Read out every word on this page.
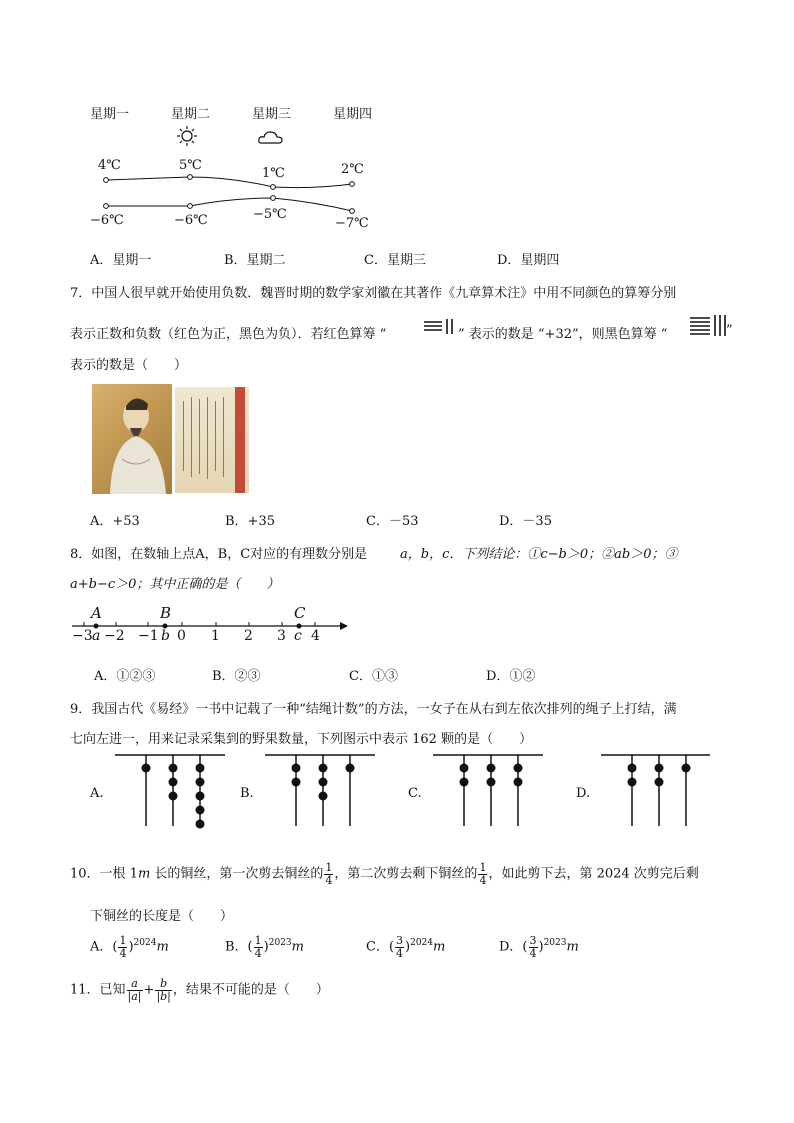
星期一	星期二	星期三	星期四
4℃	5℃
1℃	2℃
−6℃	−6℃	−5℃
−7℃
A．星期一	B．星期二	C．星期三	D．星期四
7．中国人很早就开始使用负数．魏晋时期的数学家刘徽在其著作《九章算术注》中用不同颜色的算筹分别
表示正数和负数（红色为正，黑色为负）．若红色算筹 “	” 表示的数是 “+32”，则黑色算筹 “	”
表示的数是（　　）
A．+53	B．+35	C．－53	D．－35
8．如图，在数轴上点A，B，C对应的有理数分别是	a，b，c．下列结论：①c−b＞0；②ab＞0；③
a+b−c＞0；其中正确的是（　　）
A	B	C
−3 a −2 −1 b 0 1 2 3 c 4
A．①②③	B．②③	C．①③	D．①②
9．我国古代《易经》一书中记载了一种“结绳计数”的方法，一女子在从右到左依次排列的绳子上打结，满
七向左进一，用来记录采集到的野果数量，下列图示中表示 162 颗的是（　　）
A.	B.	C.	D.
10．一根 1m 长的铜丝，第一次剪去铜丝的 $\frac{1}{4}$ ，第二次剪去剩下铜丝的 $\frac{1}{4}$ ，如此剪下去，第 2024 次剪完后剩
下铜丝的长度是（　　）
A．( $\frac{1}{4} )^{2024}m$	B．( $\frac{1}{4} )^{2023}m$	C．( $\frac{3}{4} )^{2024}m$	D．( $\frac{3}{4} )^{2023}m$
11．已知 $\frac{a}{|a|} + \frac{b}{|b|}$ ，结果不可能的是（　　）
